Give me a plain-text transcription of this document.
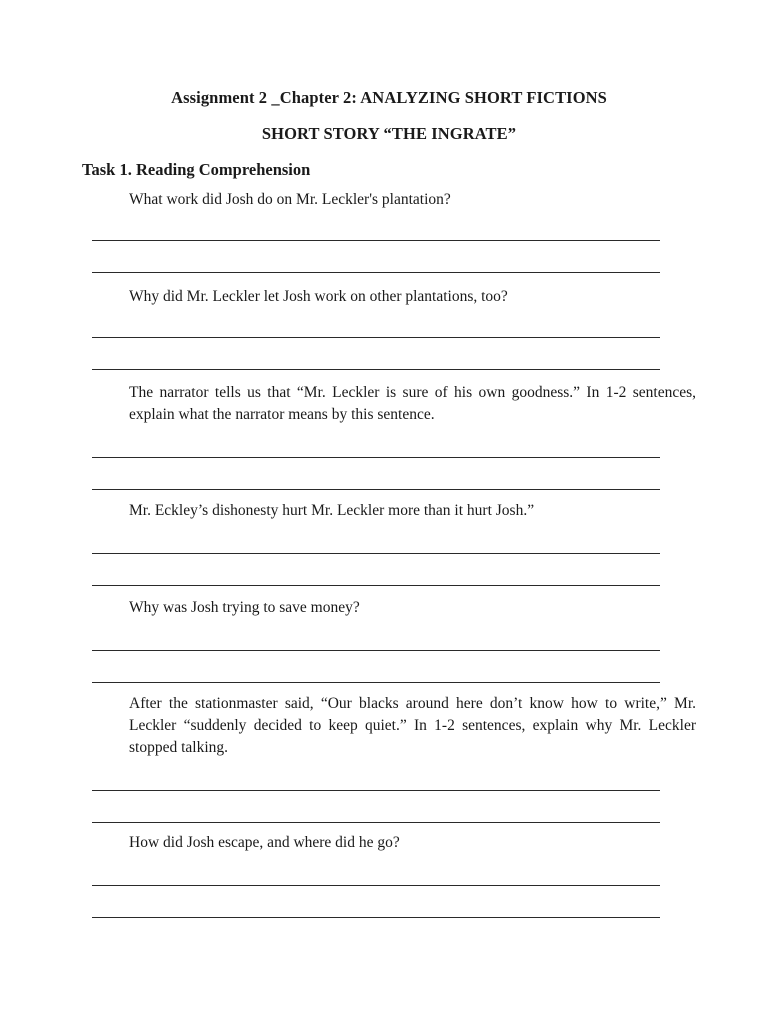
Assignment 2 _Chapter 2: ANALYZING SHORT FICTIONS
SHORT STORY “THE INGRATE”
Task 1. Reading Comprehension

What work did Josh do on Mr. Leckler's plantation?

Why did Mr. Leckler let Josh work on other plantations, too?

The narrator tells us that “Mr. Leckler is sure of his own goodness.” In 1-2 sentences, explain what the narrator means by this sentence.

Mr. Eckley’s dishonesty hurt Mr. Leckler more than it hurt Josh.”

Why was Josh trying to save money?

After the stationmaster said, “Our blacks around here don’t know how to write,” Mr. Leckler “suddenly decided to keep quiet.” In 1-2 sentences, explain why Mr. Leckler stopped talking.

How did Josh escape, and where did he go?
